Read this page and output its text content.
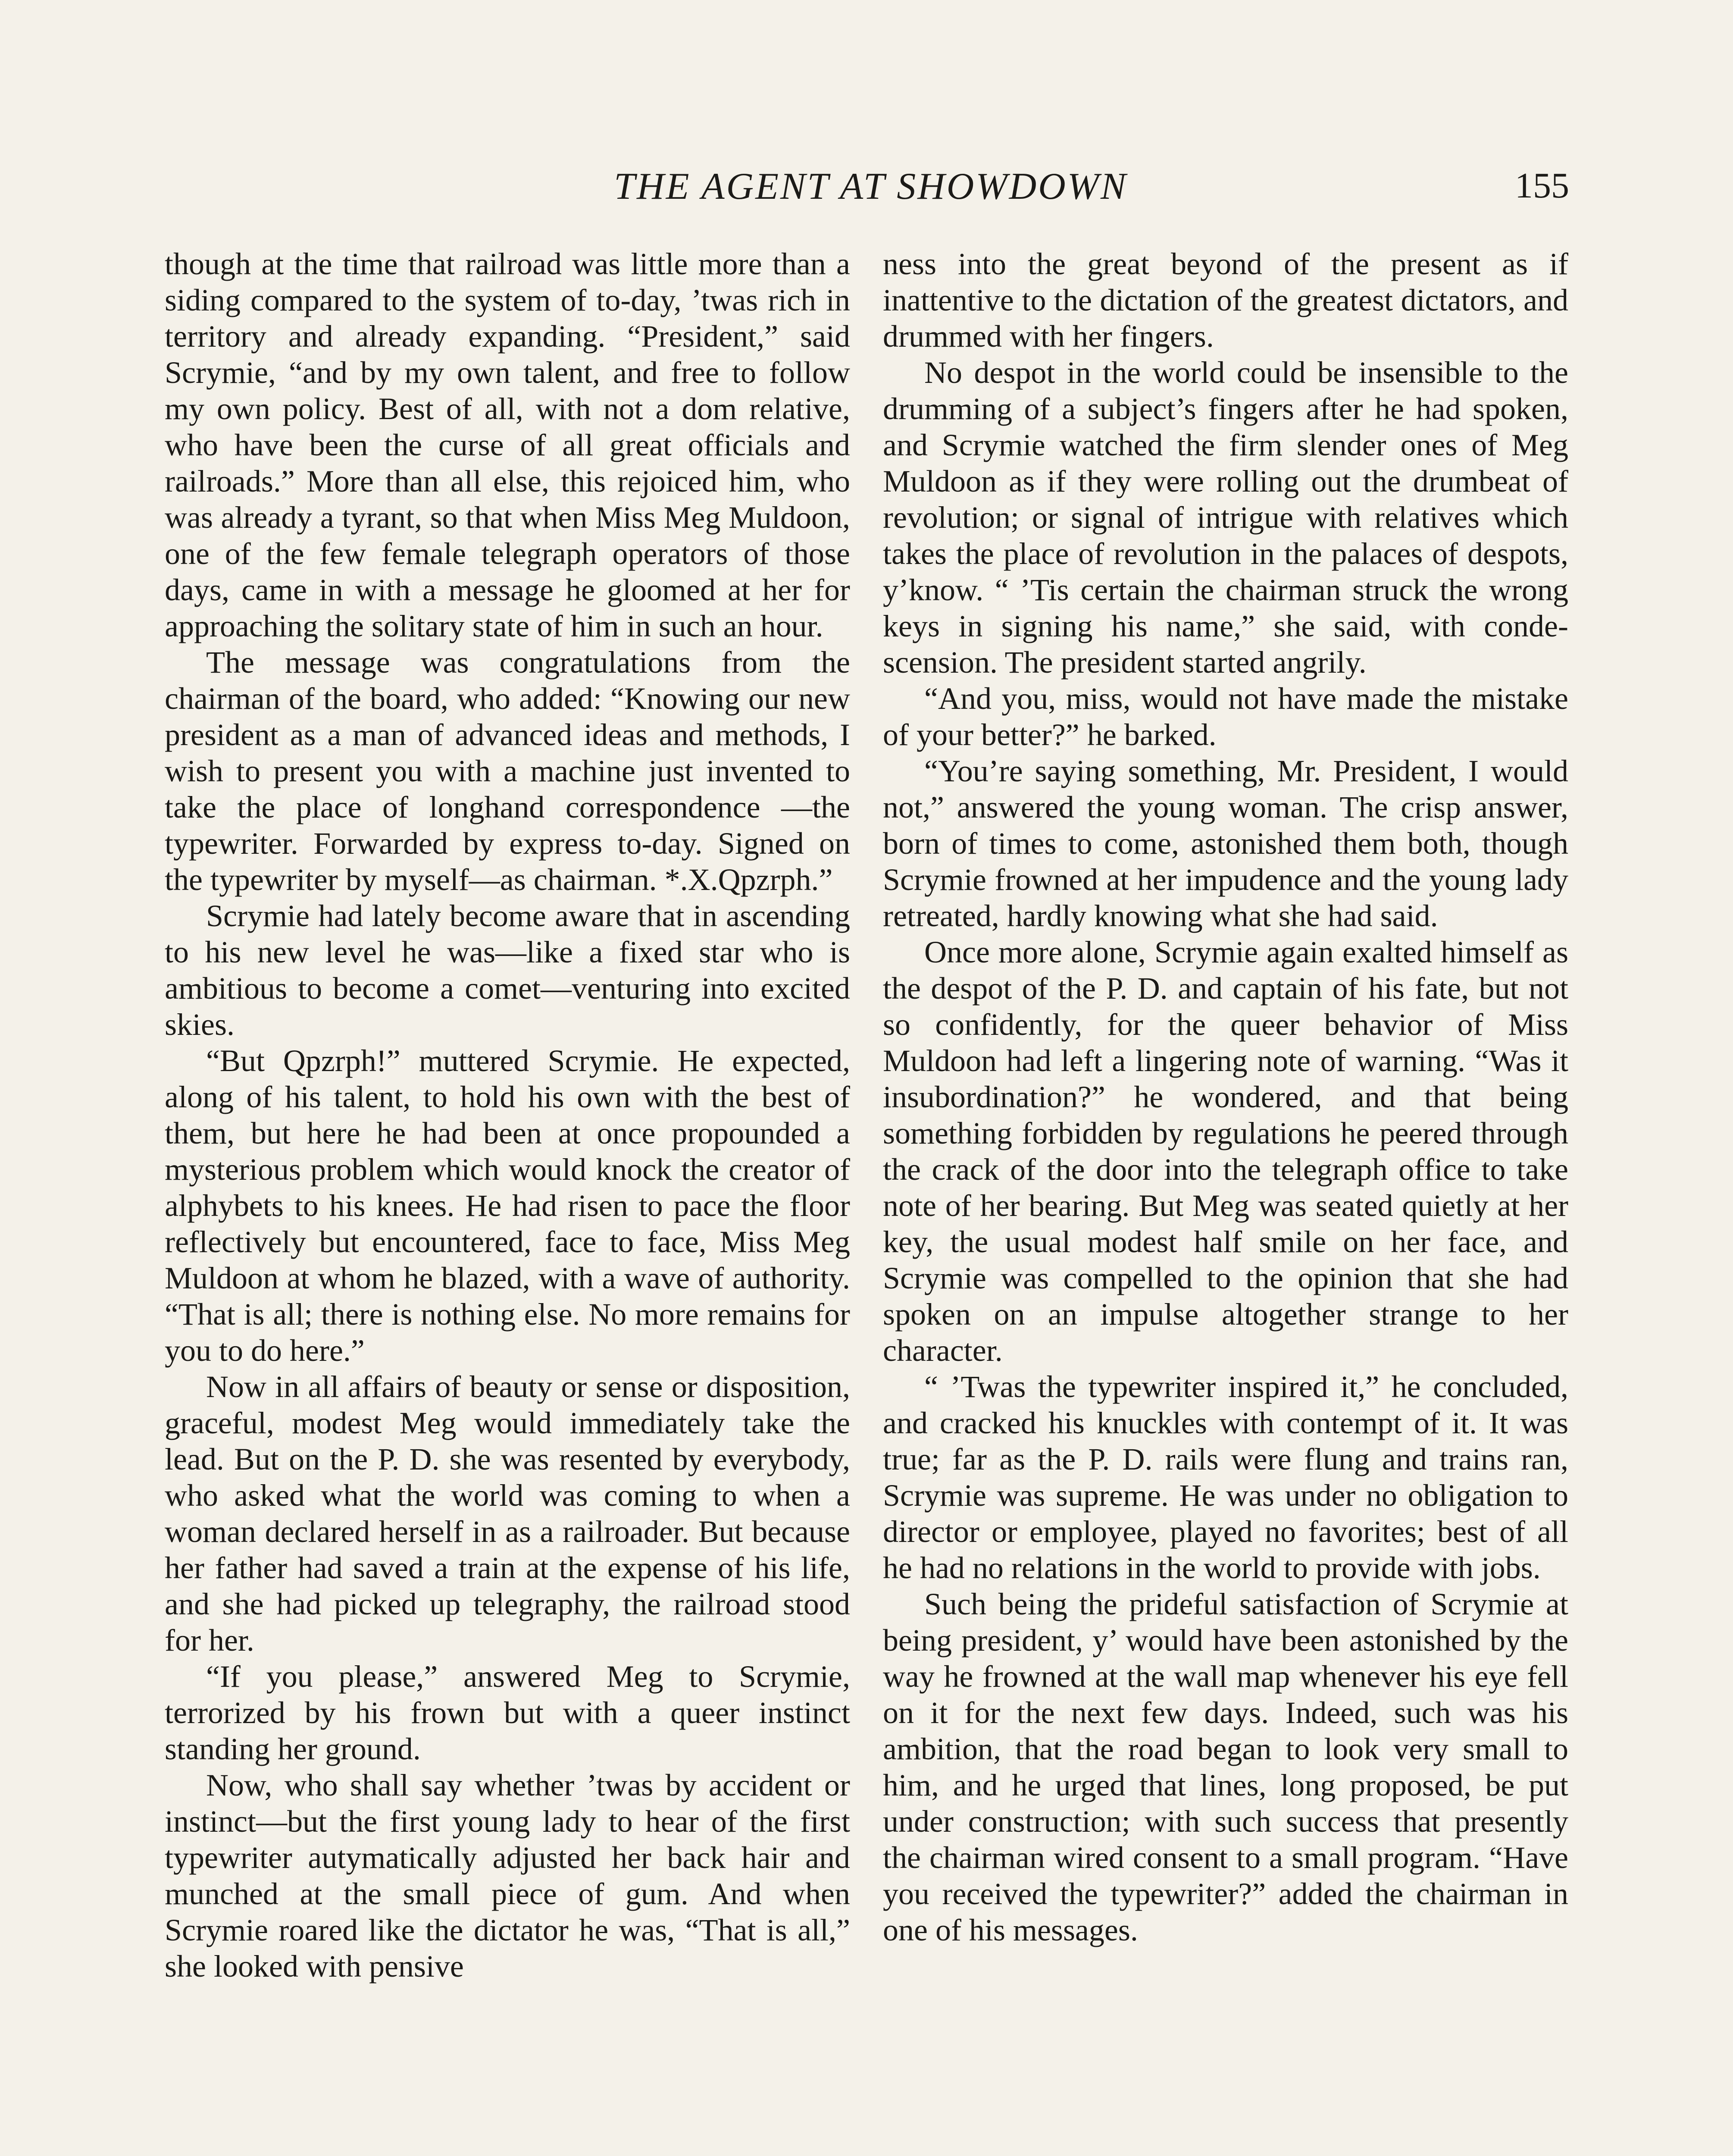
THE AGENT AT SHOWDOWN	155

though at the time that railroad was little more than a siding compared to the system of to-day, ’twas rich in territory and already expanding. “President,” said Scrymie, “and by my own talent, and free to follow my own policy. Best of all, with not a dom relative, who have been the curse of all great officials and railroads.” More than all else, this rejoiced him, who was already a tyrant, so that when Miss Meg Muldoon, one of the few female telegraph operators of those days, came in with a message he gloomed at her for approaching the solitary state of him in such an hour.

The message was congratulations from the chairman of the board, who added: “Knowing our new president as a man of advanced ideas and methods, I wish to present you with a machine just invented to take the place of longhand correspondence —the typewriter. Forwarded by express to-day. Signed on the typewriter by myself—as chairman. *.X.Qpzrph.”

Scrymie had lately become aware that in ascending to his new level he was—like a fixed star who is ambitious to become a comet—venturing into excited skies.

“But Qpzrph!” muttered Scrymie. He expected, along of his talent, to hold his own with the best of them, but here he had been at once propounded a mysterious problem which would knock the creator of alphybets to his knees. He had risen to pace the floor reflectively but encountered, face to face, Miss Meg Muldoon at whom he blazed, with a wave of authority. “That is all; there is nothing else. No more remains for you to do here.”

Now in all affairs of beauty or sense or disposition, graceful, modest Meg would immediately take the lead. But on the P. D. she was resented by everybody, who asked what the world was coming to when a woman declared herself in as a railroader. But because her father had saved a train at the expense of his life, and she had picked up telegraphy, the railroad stood for her.

“If you please,” answered Meg to Scrymie, terrorized by his frown but with a queer instinct standing her ground.

Now, who shall say whether ’twas by accident or instinct—but the first young lady to hear of the first typewriter autymatically adjusted her back hair and munched at the small piece of gum. And when Scrymie roared like the dictator he was, “That is all,” she looked with pensive

ness into the great beyond of the present as if inattentive to the dictation of the greatest dictators, and drummed with her fingers.

No despot in the world could be insensible to the drumming of a subject’s fingers after he had spoken, and Scrymie watched the firm slender ones of Meg Muldoon as if they were rolling out the drumbeat of revolution; or signal of intrigue with relatives which takes the place of revolution in the palaces of despots, y’know. “ ’Tis certain the chairman struck the wrong keys in signing his name,” she said, with condescension. The president started angrily.

“And you, miss, would not have made the mistake of your better?” he barked.

“You’re saying something, Mr. President, I would not,” answered the young woman. The crisp answer, born of times to come, astonished them both, though Scrymie frowned at her impudence and the young lady retreated, hardly knowing what she had said.

Once more alone, Scrymie again exalted himself as the despot of the P. D. and captain of his fate, but not so confidently, for the queer behavior of Miss Muldoon had left a lingering note of warning. “Was it insubordination?” he wondered, and that being something forbidden by regulations he peered through the crack of the door into the telegraph office to take note of her bearing. But Meg was seated quietly at her key, the usual modest half smile on her face, and Scrymie was compelled to the opinion that she had spoken on an impulse altogether strange to her character.

“ ’Twas the typewriter inspired it,” he concluded, and cracked his knuckles with contempt of it. It was true; far as the P. D. rails were flung and trains ran, Scrymie was supreme. He was under no obligation to director or employee, played no favorites; best of all he had no relations in the world to provide with jobs.

Such being the prideful satisfaction of Scrymie at being president, y’ would have been astonished by the way he frowned at the wall map whenever his eye fell on it for the next few days. Indeed, such was his ambition, that the road began to look very small to him, and he urged that lines, long proposed, be put under construction; with such success that presently the chairman wired consent to a small program. “Have you received the typewriter?” added the chairman in one of his messages.
